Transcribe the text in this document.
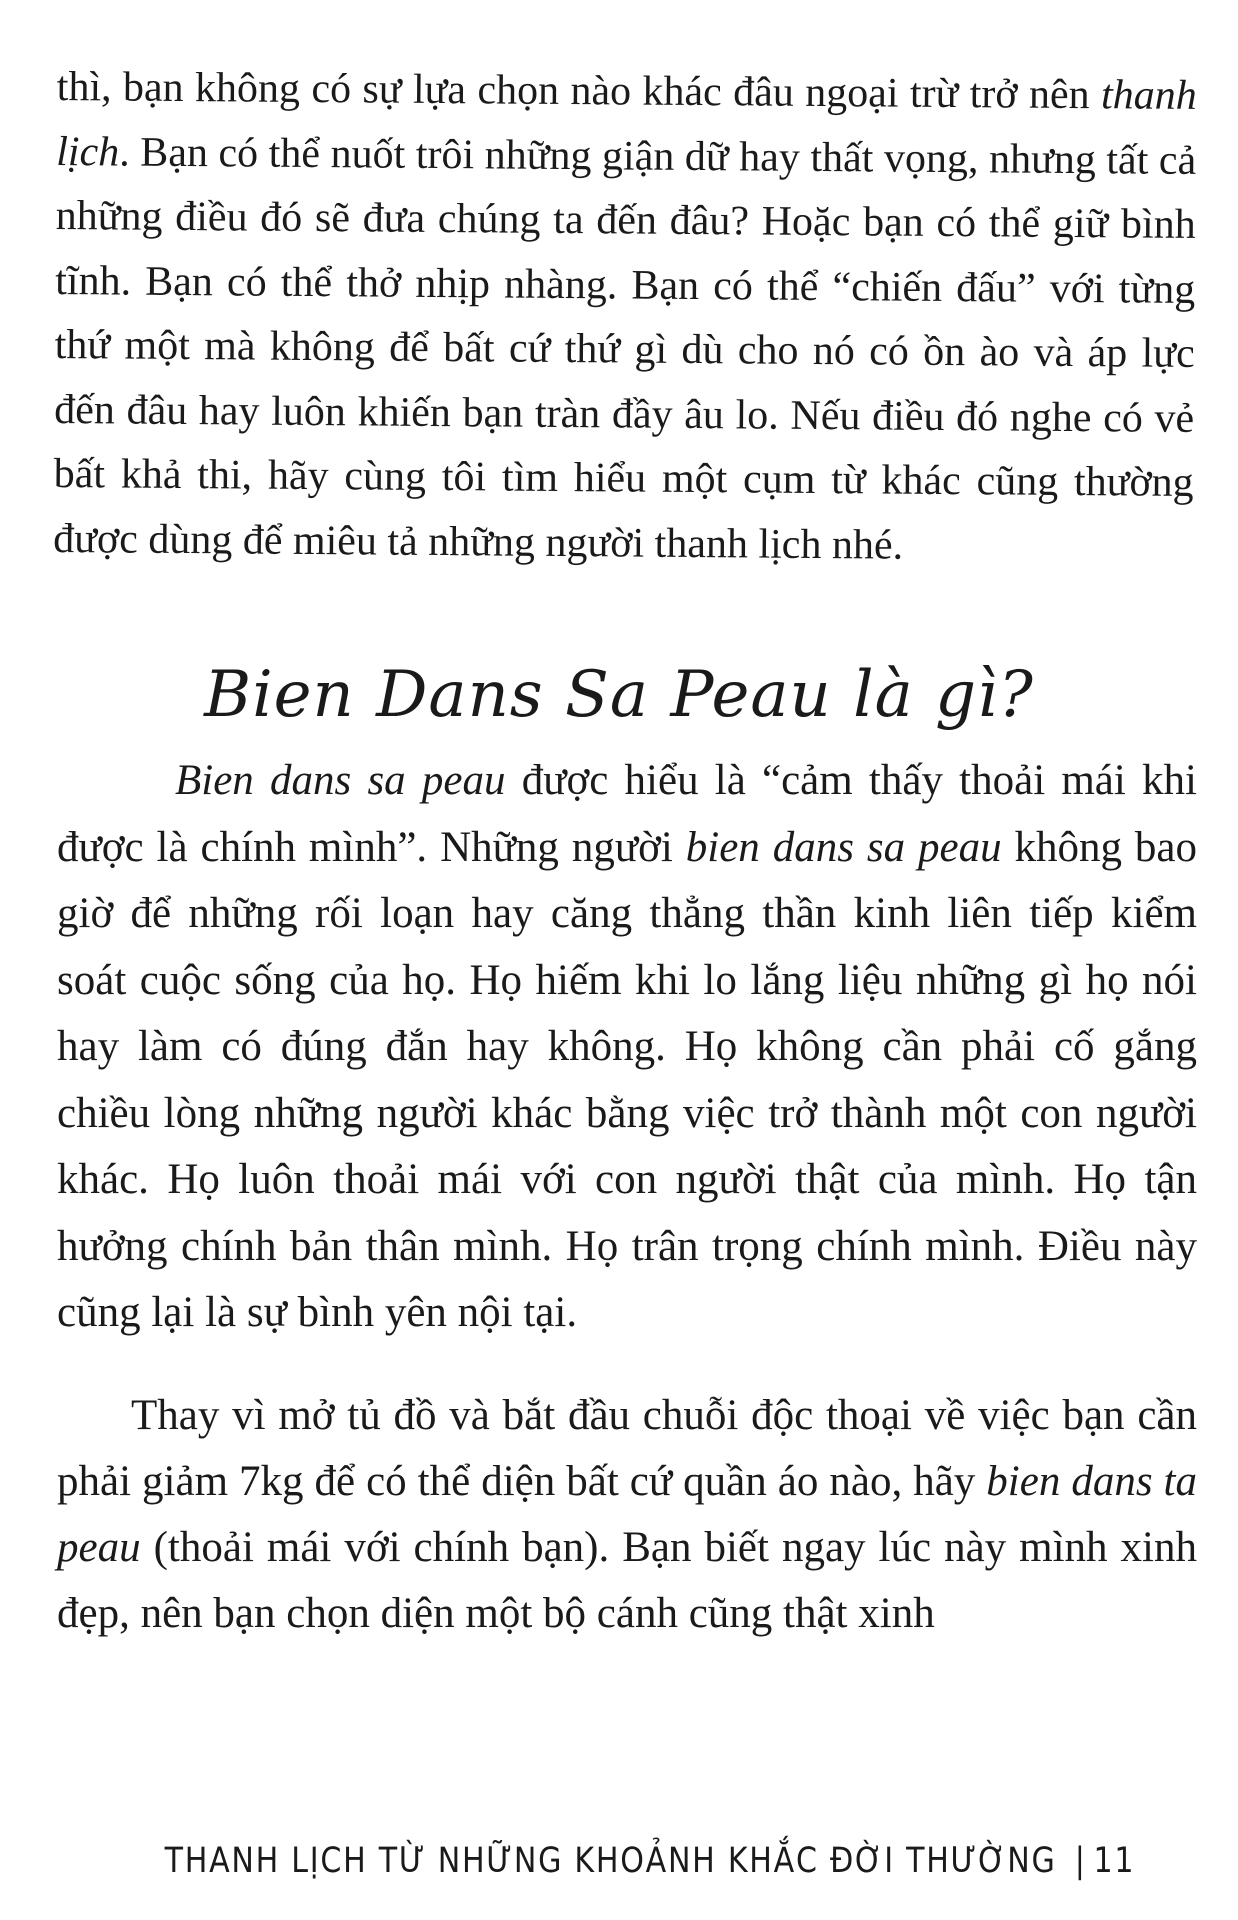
thì, bạn không có sự lựa chọn nào khác đâu ngoại trừ trở nên thanh lịch. Bạn có thể nuốt trôi những giận dữ hay thất vọng, nhưng tất cả những điều đó sẽ đưa chúng ta đến đâu? Hoặc bạn có thể giữ bình tĩnh. Bạn có thể thở nhịp nhàng. Bạn có thể “chiến đấu” với từng thứ một mà không để bất cứ thứ gì dù cho nó có ồn ào và áp lực đến đâu hay luôn khiến bạn tràn đầy âu lo. Nếu điều đó nghe có vẻ bất khả thi, hãy cùng tôi tìm hiểu một cụm từ khác cũng thường được dùng để miêu tả những người thanh lịch nhé.

Bien Dans Sa Peau là gì?

Bien dans sa peau được hiểu là “cảm thấy thoải mái khi được là chính mình”. Những người bien dans sa peau không bao giờ để những rối loạn hay căng thẳng thần kinh liên tiếp kiểm soát cuộc sống của họ. Họ hiếm khi lo lắng liệu những gì họ nói hay làm có đúng đắn hay không. Họ không cần phải cố gắng chiều lòng những người khác bằng việc trở thành một con người khác. Họ luôn thoải mái với con người thật của mình. Họ tận hưởng chính bản thân mình. Họ trân trọng chính mình. Điều này cũng lại là sự bình yên nội tại.

Thay vì mở tủ đồ và bắt đầu chuỗi độc thoại về việc bạn cần phải giảm 7kg để có thể diện bất cứ quần áo nào, hãy bien dans ta peau (thoải mái với chính bạn). Bạn biết ngay lúc này mình xinh đẹp, nên bạn chọn diện một bộ cánh cũng thật xinh

THANH LỊCH TỪ NHỮNG KHOẢNH KHẮC ĐỜI THƯỜNG | 11
